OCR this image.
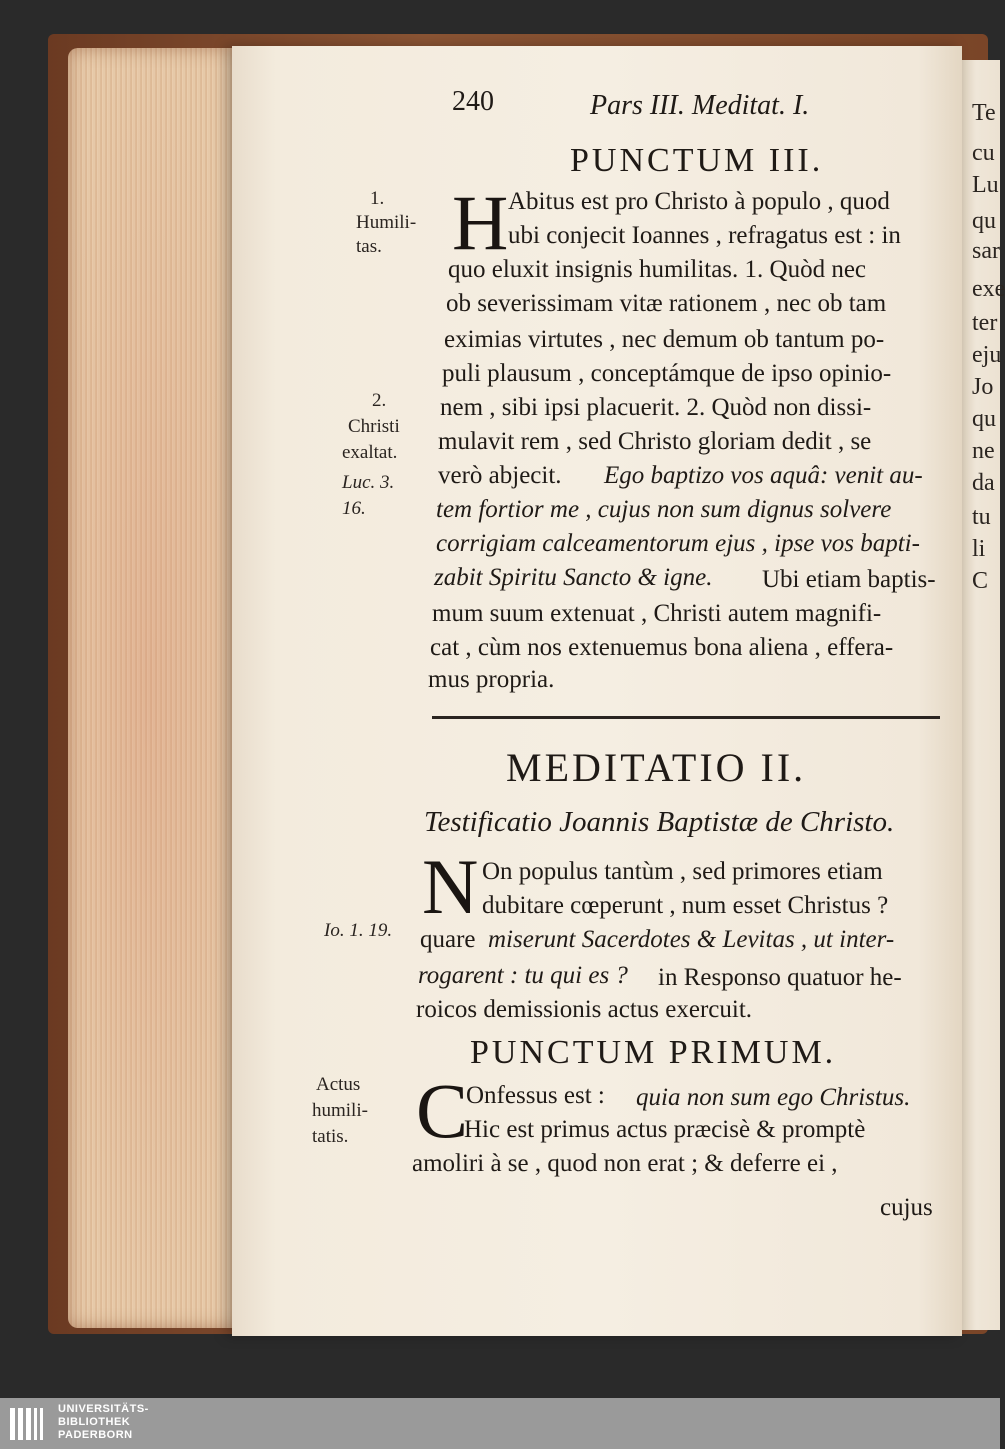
Te
cu
Lu
qu
sar
exe
ter
eju
Jo
qu
ne
da
tu
li
C
240	Pars III. Meditat. I.
PUNCTUM III.
1.
Humili-
tas.
2.
Christi
exaltat.
Luc. 3.
16.
H Abitus est pro Christo à populo , quod
ubi conjecit Ioannes , refragatus est : in
quo eluxit insignis humilitas. 1. Quòd nec
ob severissimam vitæ rationem , nec ob tam
eximias virtutes , nec demum ob tantum po-
puli plausum , conceptámque de ipso opinio-
nem , sibi ipsi placuerit. 2. Quòd non dissi-
mulavit rem , sed Christo gloriam dedit , se
verò abjecit. Ego baptizo vos aquâ: venit au-
tem fortior me , cujus non sum dignus solvere
corrigiam calceamentorum ejus , ipse vos bapti-
zabit Spiritu Sancto & igne. Ubi etiam baptis-
mum suum extenuat , Christi autem magnifi-
cat , cùm nos extenuemus bona aliena , effera-
mus propria.
MEDITATIO II.
Testificatio Joannis Baptistæ de Christo.
Io. 1. 19.
N On populus tantùm , sed primores etiam
dubitare cœperunt , num esset Christus ?
quare miserunt Sacerdotes & Levitas , ut inter-
rogarent : tu qui es ? in Responso quatuor he-
roicos demissionis actus exercuit.
PUNCTUM PRIMUM.
Actus
humili-
tatis. C
Onfessus est : quia non sum ego Christus.
Hic est primus actus præcisè & promptè
amoliri à se , quod non erat ; & deferre ei ,
cujus
UNIVERSITÄTS-
BIBLIOTHEK
PADERBORN
